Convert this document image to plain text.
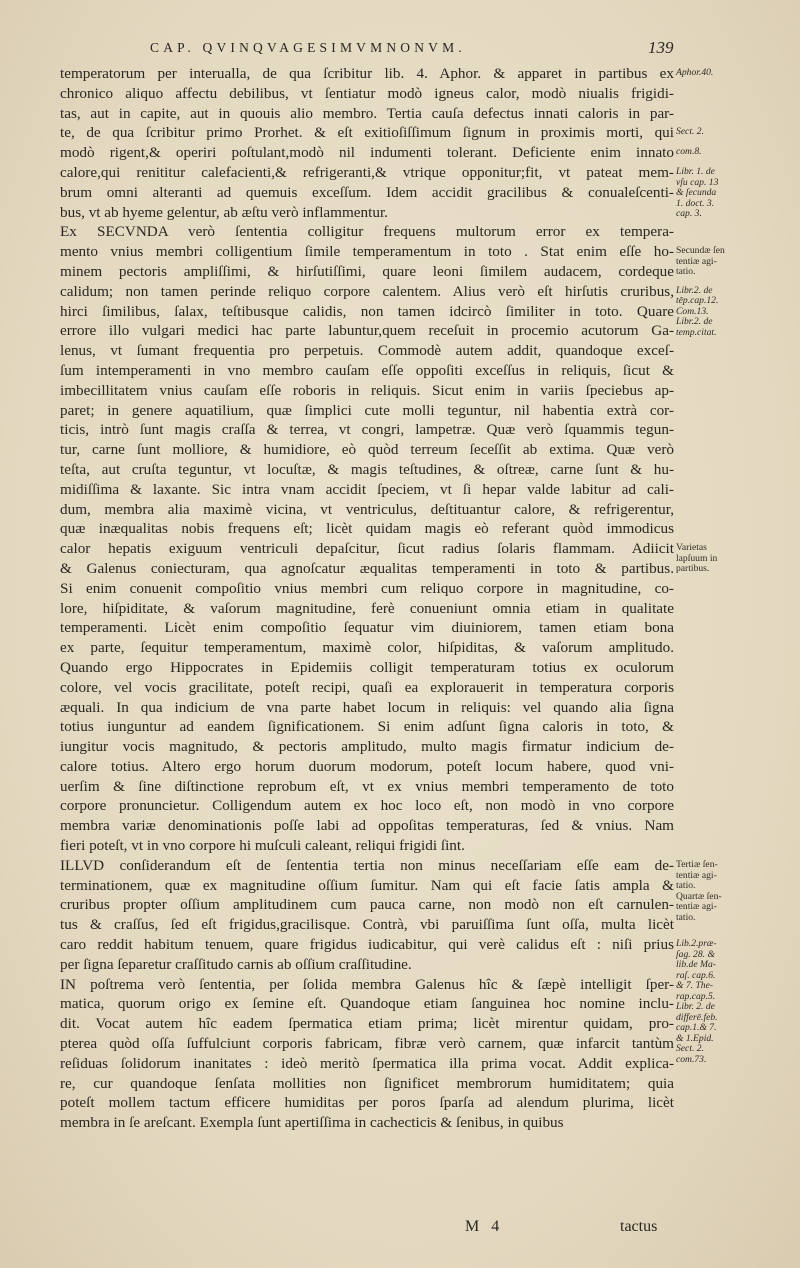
CAP. QVINQVAGESIMVMNONVM.	139
temperatorum per interualla, de qua ſcribitur lib. 4. Aphor. & apparet in partibus ex
chronico aliquo affectu debilibus, vt ſentiatur modò igneus calor, modò niualis frigidi-
tas, aut in capite, aut in quouis alio membro. Tertia cauſa defectus innati caloris in par-
te, de qua ſcribitur primo Prorhet. & eſt exitioſiſſimum ſignum in proximis morti, qui
modò rigent,& operiri poſtulant,modò nil indumenti tolerant. Deficiente enim innato
calore,qui renititur calefacienti,& refrigeranti,& vtrique opponitur;fit, vt pateat mem-
brum omni alteranti ad quemuis exceſſum. Idem accidit gracilibus & conualeſcenti-
bus, vt ab hyeme gelentur, ab æſtu verò inflammentur.
Ex SECVNDA verò ſententia colligitur frequens multorum error ex tempera-
mento vnius membri colligentium ſimile temperamentum in toto . Stat enim eſſe ho-
minem pectoris ampliſſimi, & hirſutiſſimi, quare leoni ſimilem audacem, cordeque
calidum; non tamen perinde reliquo corpore calentem. Alius verò eſt hirſutis cruribus,
hirci ſimilibus, ſalax, teſtibusque calidis, non tamen idcircò ſimiliter in toto. Quare
errore illo vulgari medici hac parte labuntur,quem receſuit in procemio acutorum Ga-
lenus, vt ſumant frequentia pro perpetuis. Commodè autem addit, quandoque exceſ-
ſum intemperamenti in vno membro cauſam eſſe oppoſiti exceſſus in reliquis, ſicut &
imbecillitatem vnius cauſam eſſe roboris in reliquis. Sicut enim in variis ſpeciebus ap-
paret; in genere aquatilium, quæ ſimplici cute molli teguntur, nil habentia extrà cor-
ticis, intrò ſunt magis craſſa & terrea, vt congri, lampetræ. Quæ verò ſquammis tegun-
tur, carne ſunt molliore, & humidiore, eò quòd terreum ſeceſſit ab extima. Quæ verò
teſta, aut cruſta teguntur, vt locuſtæ, & magis teſtudines, & oſtreæ, carne ſunt & hu-
midiſſima & laxante. Sic intra vnam accidit ſpeciem, vt ſi hepar valde labitur ad cali-
dum, membra alia maximè vicina, vt ventriculus, deſtituantur calore, & refrigerentur,
quæ inæqualitas nobis frequens eſt; licèt quidam magis eò referant quòd immodicus
calor hepatis exiguum ventriculi depaſcitur, ſicut radius ſolaris flammam. Adiicit
& Galenus coniecturam, qua agnoſcatur æqualitas temperamenti in toto & partibus.
Si enim conuenit compoſitio vnius membri cum reliquo corpore in magnitudine, co-
lore, hiſpiditate, & vaſorum magnitudine, ferè conueniunt omnia etiam in qualitate
temperamenti. Licèt enim compoſitio ſequatur vim diuiniorem, tamen etiam bona
ex parte, ſequitur temperamentum, maximè color, hiſpiditas, & vaſorum amplitudo.
Quando ergo Hippocrates in Epidemiis colligit temperaturam totius ex oculorum
colore, vel vocis gracilitate, poteſt recipi, quaſi ea explorauerit in temperatura corporis
æquali. In qua indicium de vna parte habet locum in reliquis: vel quando alia ſigna
totius iunguntur ad eandem ſignificationem. Si enim adſunt ſigna caloris in toto, &
iungitur vocis magnitudo, & pectoris amplitudo, multo magis firmatur indicium de-
calore totius. Altero ergo horum duorum modorum, poteſt locum habere, quod vni-
uerſim & ſine diſtinctione reprobum eſt, vt ex vnius membri temperamento de toto
corpore pronuncietur. Colligendum autem ex hoc loco eſt, non modò in vno corpore
membra variæ denominationis poſſe labi ad oppoſitas temperaturas, ſed & vnius. Nam
fieri poteſt, vt in vno corpore hi muſculi caleant, reliqui frigidi ſint.
ILLVD conſiderandum eſt de ſententia tertia non minus neceſſariam eſſe eam de-
terminationem, quæ ex magnitudine oſſium ſumitur. Nam qui eſt facie ſatis ampla &
cruribus propter oſſium amplitudinem cum pauca carne, non modò non eſt carnulen-
tus & craſſus, ſed eſt frigidus,gracilisque. Contrà, vbi paruiſſima ſunt oſſa, multa licèt
caro reddit habitum tenuem, quare frigidus iudicabitur, qui verè calidus eſt : niſi prius
per ſigna ſeparetur craſſitudo carnis ab oſſium craſſitudine.
IN poſtrema verò ſententia, per ſolida membra Galenus hîc & ſæpè intelligit ſper-
matica, quorum origo ex ſemine eſt. Quandoque etiam ſanguinea hoc nomine inclu-
dit. Vocat autem hîc eadem ſpermatica etiam prima; licèt mirentur quidam, pro-
pterea quòd oſſa ſuffulciunt corporis fabricam, fibræ verò carnem, quæ infarcit tantùm
reſiduas ſolidorum inanitates : ideò meritò ſpermatica illa prima vocat. Addit explica-
re, cur quandoque ſenſata mollities non ſignificet membrorum humiditatem; quia
poteſt mollem tactum efficere humiditas per poros ſparſa ad alendum plurima, licèt
membra in ſe areſcant. Exempla ſunt apertiſſima in cachecticis & ſenibus, in quibus
Aphor.40.
Sect. 2.
com.8.
Libr. 1. de
vſu cap. 13
& ſecunda
1. doct. 3.
cap. 3.
Secundæ ſen
tentiæ agi-
tatio.
Libr.2. de
tēp.cap.12.
Com.13.
Libr.2. de
temp.citat.
Varietas
lapſuum in
partibus.
Tertiæ ſen-
tentiæ agi-
tatio.
Quartæ ſen-
tentiæ agi-
tatio.
Lib.2.præ-
ſag. 28. &
lib.de Ma-
raſ. cap.6.
& 7. The-
rap.cap.5.
Libr. 2. de
differē.feb.
cap.1.& 7.
& 1.Epid.
Sect. 2.
com.73.
M 4	tactus
